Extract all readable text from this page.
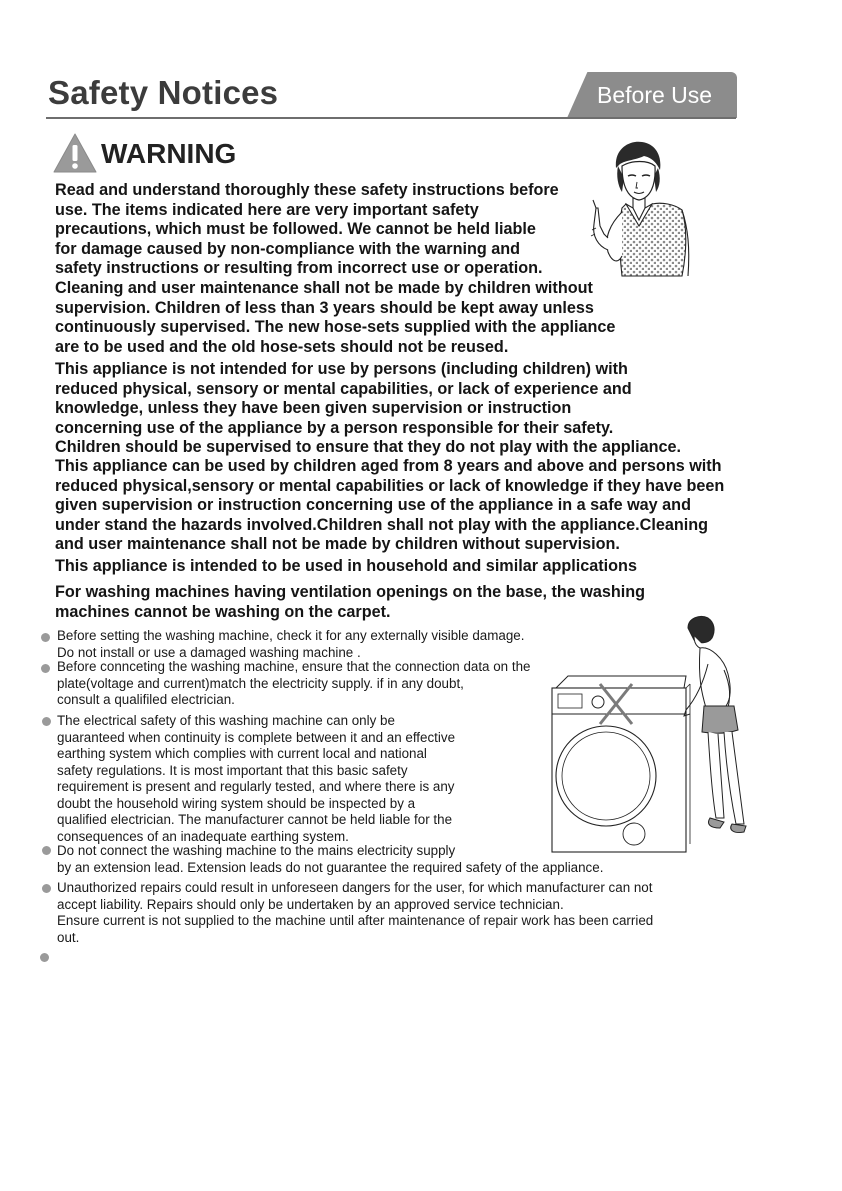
Safety Notices	Before Use
WARNING
Read and understand thoroughly these safety instructions before
use. The items indicated here are very important safety
precautions, which must be followed. We cannot be held liable
for damage caused by non-compliance with the warning and
safety instructions or resulting from incorrect use or operation.
Cleaning and user maintenance shall not be made by children without
supervision. Children of less than 3 years should be kept away unless
continuously supervised. The new hose-sets supplied with the appliance
are to be used and the old hose-sets should not be reused.
This appliance is not intended for use by persons (including children) with
reduced physical, sensory or mental capabilities, or lack of experience and
knowledge, unless they have been given supervision or instruction
concerning use of the appliance by a person responsible for their safety.
Children should be supervised to ensure that they do not play with the appliance.
This appliance can be used by children aged from 8 years and above and persons with
reduced physical,sensory or mental capabilities or lack of knowledge if they have been
given supervision or instruction concerning use of the appliance in a safe way and
under stand the hazards involved.Children shall not play with the appliance.Cleaning
and user maintenance shall not be made by children without supervision.
This appliance is intended to be used in household and similar applications
For washing machines having ventilation openings on the base, the washing
machines cannot be washing on the carpet.
Before setting the washing machine, check it for any externally visible damage.
Do not install or use a damaged washing machine .
Before connceting the washing machine, ensure that the connection data on the
plate(voltage and current)match the electricity supply. if in any doubt,
consult a qualifiled electrician.
The electrical safety of this washing machine can only be
guaranteed when continuity is complete between it and an effective
earthing system which complies with current local and national
safety regulations. It is most important that this basic safety
requirement is present and regularly tested, and where there is any
doubt the household wiring system should be inspected by a
qualified electrician. The manufacturer cannot be held liable for the
consequences of an inadequate earthing system.
Do not connect the washing machine to the mains electricity supply
by an extension lead. Extension leads do not guarantee the required safety of the appliance.
Unauthorized repairs could result in unforeseen dangers for the user, for which manufacturer can not
accept liability. Repairs should only be undertaken by an approved service technician.
Ensure current is not supplied to the machine until after maintenance of repair work has been carried
out.
